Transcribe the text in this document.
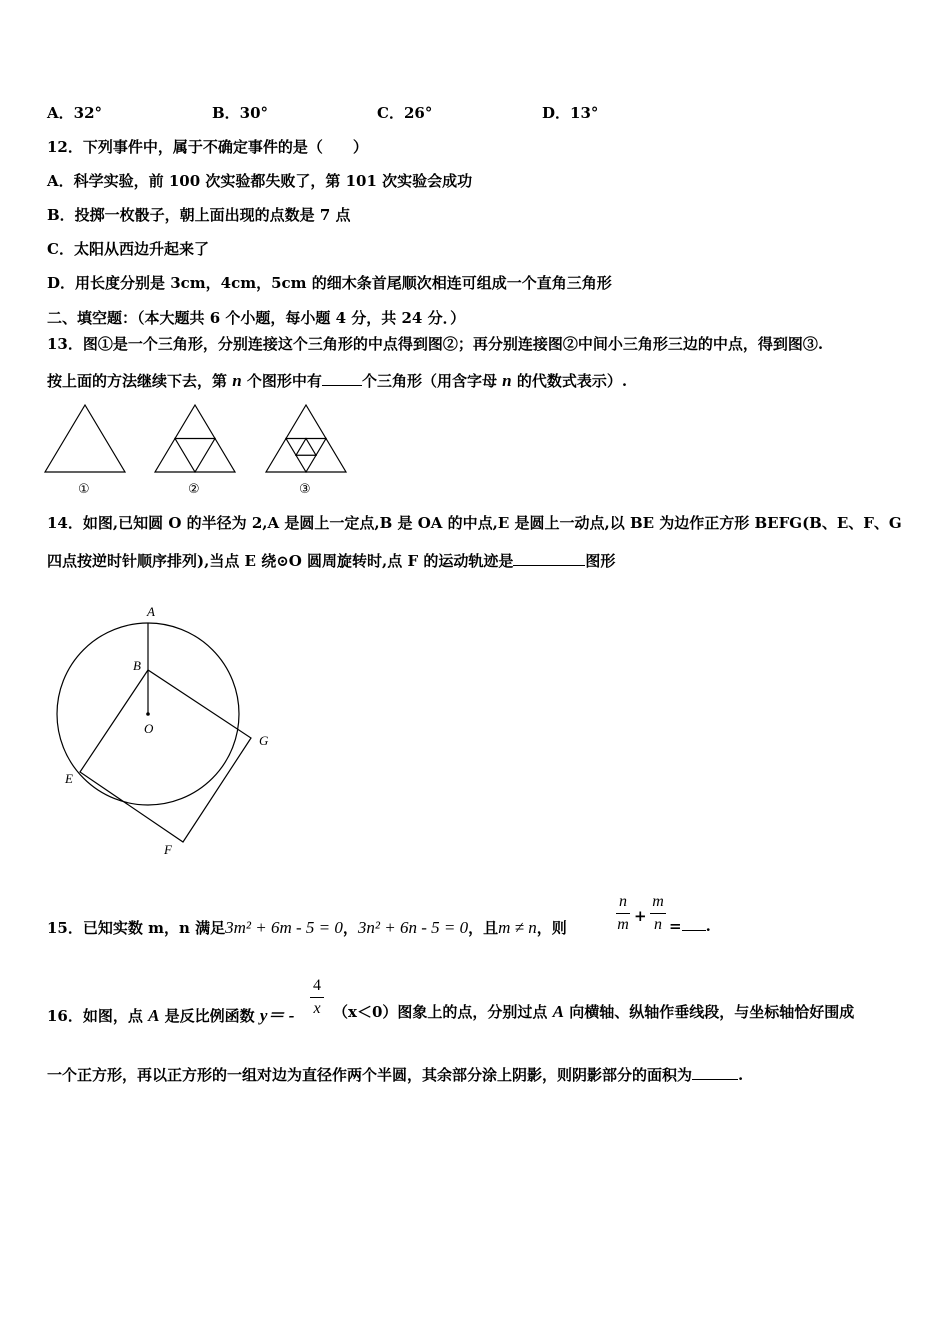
A．32°	B．30°	C．26°	D．13°
12．下列事件中，属于不确定事件的是（　　）
A．科学实验，前 100 次实验都失败了，第 101 次实验会成功
B．投掷一枚骰子，朝上面出现的点数是 7 点
C．太阳从西边升起来了
D．用长度分别是 3cm，4cm，5cm 的细木条首尾顺次相连可组成一个直角三角形
二、填空题：（本大题共 6 个小题，每小题 4 分，共 24 分．）
13．图①是一个三角形，分别连接这个三角形的中点得到图②；再分别连接图②中间小三角形三边的中点，得到图③.
按上面的方法继续下去，第 n 个图形中有	个三角形（用含字母 n 的代数式表示）.
①	②	③
14．如图,已知圆 O 的半径为 2,A 是圆上一定点,B 是 OA 的中点,E 是圆上一动点,以 BE 为边作正方形 BEFG(B、E、F、G
四点按逆时针顺序排列),当点 E 绕⊙O 圆周旋转时,点 F 的运动轨迹是	图形
A
B
O
E
F
G
15．已知实数 m，n 满足3m² + 6m - 5 = 0，3n² + 6n - 5 = 0，且m ≠ n，则
n
m +
m
n = .
16．如图，点 A 是反比例函数 y＝ -
4
x （x＜0）图象上的点，分别过点 A 向横轴、纵轴作垂线段，与坐标轴恰好围成
一个正方形，再以正方形的一组对边为直径作两个半圆，其余部分涂上阴影，则阴影部分的面积为	.
